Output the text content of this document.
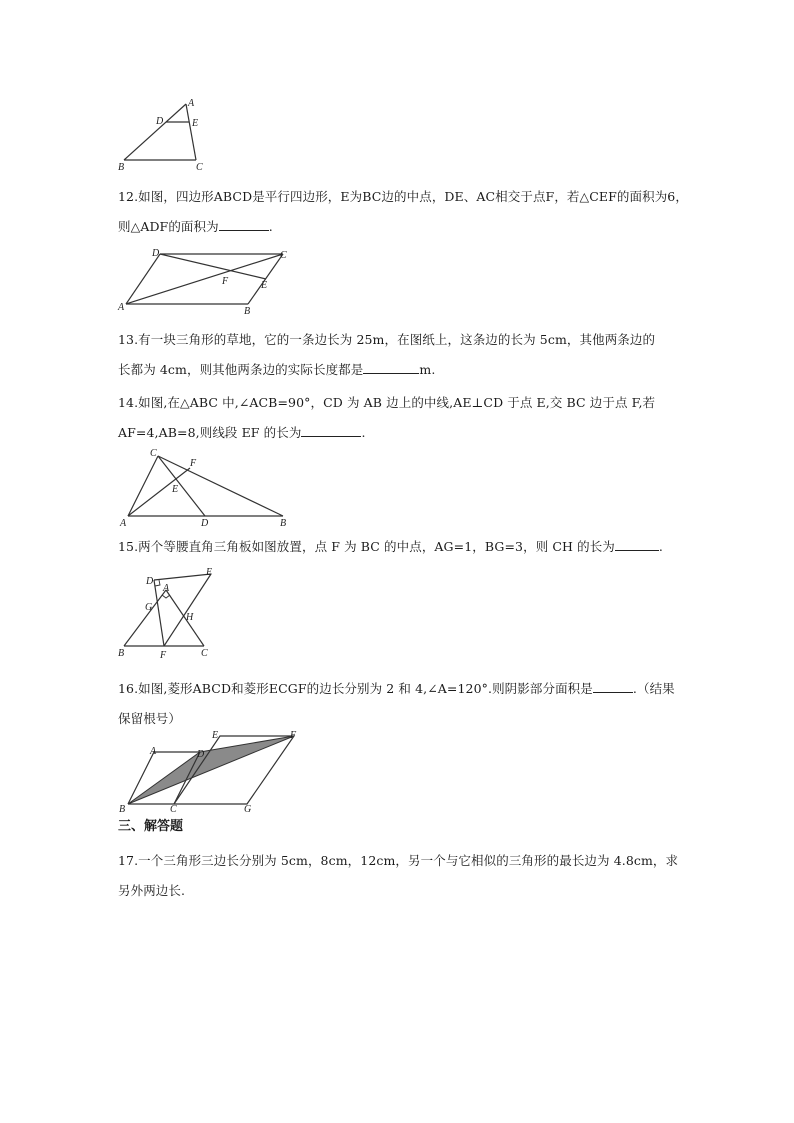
A
D	E
B	C
12.如图，四边形ABCD是平行四边形，E为BC边的中点，DE、AC相交于点F，若△CEF的面积为6，
则△ADF的面积为	.
D	C
F	E
A	B
13.有一块三角形的草地，它的一条边长为 25m，在图纸上，这条边的长为 5cm，其他两条边的
长都为 4cm，则其他两条边的实际长度都是	m.
14.如图,在△ABC 中,∠ACB=90°，CD 为 AB 边上的中线,AE⊥CD 于点 E,交 BC 边于点 F,若
AF=4,AB=8,则线段 EF 的长为	.
C
F
E
A	D	B
15.两个等腰直角三角板如图放置，点 F 为 BC 的中点，AG=1，BG=3，则 CH 的长为	.
E
D
A
G
H
B	F	C
16.如图,菱形ABCD和菱形ECGF的边长分别为 2 和 4,∠A=120°.则阴影部分面积是	.（结果
保留根号）
E	F
A	D
B	C	G
三、解答题
17.一个三角形三边长分别为 5cm，8cm，12cm，另一个与它相似的三角形的最长边为 4.8cm，求
另外两边长.
